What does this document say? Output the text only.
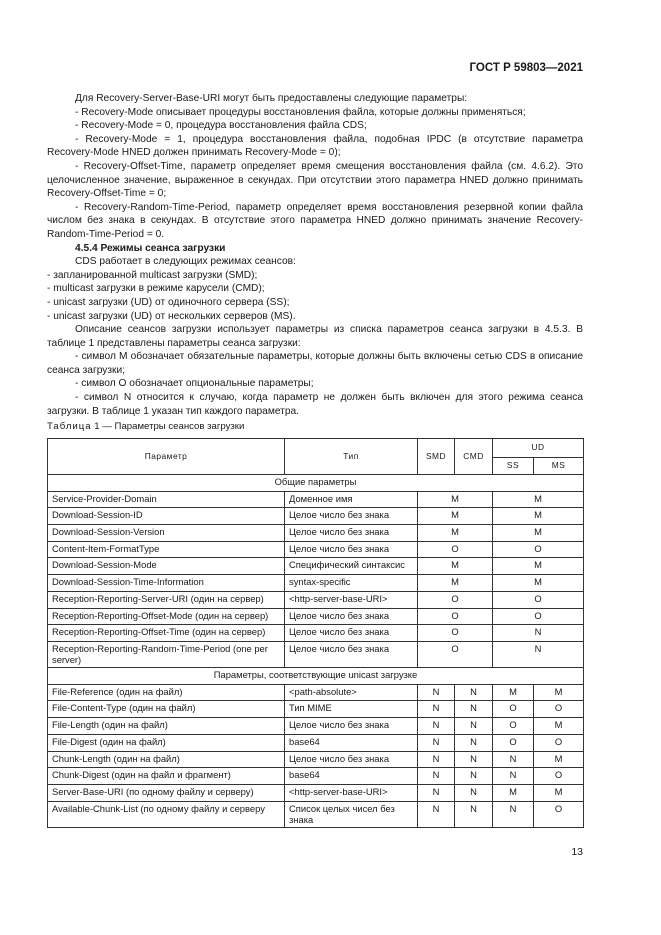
ГОСТ Р 59803—2021

Для Recovery-Server-Base-URI могут быть предоставлены следующие параметры:

- Recovery-Mode описывает процедуры восстановления файла, которые должны применяться;

- Recovery-Mode = 0, процедура восстановления файла CDS;

- Recovery-Mode = 1, процедура восстановления файла, подобная IPDC (в отсутствие параметра Recovery-Mode HNED должен принимать Recovery-Mode = 0);

- Recovery-Offset-Time, параметр определяет время смещения восстановления файла (см. 4.6.2). Это целочисленное значение, выраженное в секундах. При отсутствии этого параметра HNED должно принимать Recovery-Offset-Time = 0;

- Recovery-Random-Time-Period, параметр определяет время восстановления резервной копии файла числом без знака в секундах. В отсутствие этого параметра HNED должно принимать значение Recovery-Random-Time-Period = 0.

4.5.4 Режимы сеанса загрузки

CDS работает в следующих режимах сеансов:

- запланированной multicast загрузки (SMD);

- multicast загрузки в режиме карусели (CMD);

- unicast загрузки (UD) от одиночного сервера (SS);

- unicast загрузки (UD) от нескольких серверов (MS).

Описание сеансов загрузки использует параметры из списка параметров сеанса загрузки в 4.5.3. В таблице 1 представлены параметры сеанса загрузки:

- символ M обозначает обязательные параметры, которые должны быть включены сетью CDS в описание сеанса загрузки;

- символ O обозначает опциональные параметры;

- символ N относится к случаю, когда параметр не должен быть включен для этого режима сеанса загрузки. В таблице 1 указан тип каждого параметра.

Таблица 1 — Параметры сеансов загрузки
Параметр	Тип	SMD	CMD	UD	
				SS	MS
Общие параметры					
Service-Provider-Domain	Доменное имя	M		M	
Download-Session-ID	Целое число без знака	M		M	
Download-Session-Version	Целое число без знака	M		M	
Content-Item-FormatType	Целое число без знака	O		O	
Download-Session-Mode	Специфический синтаксис	M		M	
Download-Session-Time-Information	syntax-specific	M		M	
Reception-Reporting-Server-URI (один на сервер)	<http-server-base-URI>	O		O	
Reception-Reporting-Offset-Mode (один на сервер)	Целое число без знака	O		O	
Reception-Reporting-Offset-Time (один на сервер)	Целое число без знака	O		N	
Reception-Reporting-Random-Time-Period (one per server)	Целое число без знака	O		N	
Параметры, соответствующие unicast загрузке					
File-Reference (один на файл)	<path-absolute>	N	N	M	M
File-Content-Type (один на файл)	Тип MIME	N	N	O	O
File-Length (один на файл)	Целое число без знака	N	N	O	M
File-Digest (один на файл)	base64	N	N	O	O
Chunk-Length (один на файл)	Целое число без знака	N	N	N	M
Chunk-Digest (один на файл и фрагмент)	base64	N	N	N	O
Server-Base-URI (по одному файлу и серверу)	<http-server-base-URI>	N	N	M	M
Available-Chunk-List (по одному файлу и серверу	Список целых чисел без знака	N	N	N	O
13
